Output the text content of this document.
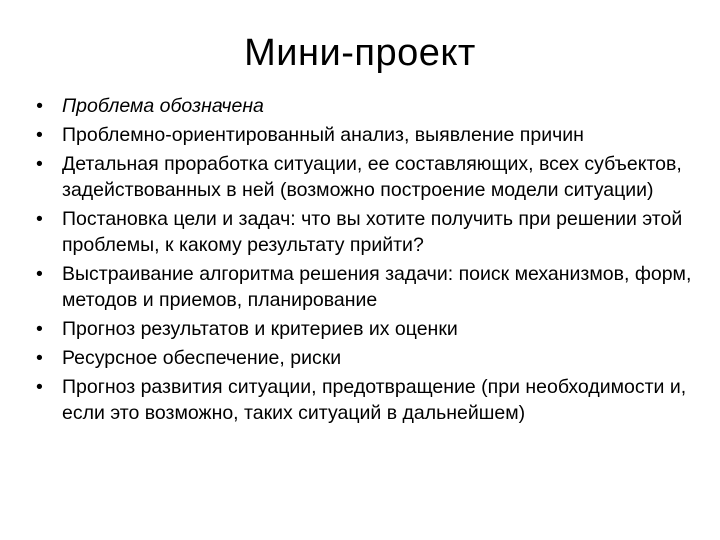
Мини-проект
• Проблема обозначена
• Проблемно-ориентированный анализ, выявление причин
• Детальная проработка ситуации, ее составляющих, всех субъектов, задействованных в ней (возможно построение модели ситуации)
• Постановка цели и задач: что вы хотите получить при решении этой проблемы, к какому результату прийти?
• Выстраивание алгоритма решения задачи: поиск механизмов, форм, методов и приемов, планирование
• Прогноз результатов и критериев их оценки
• Ресурсное обеспечение, риски
• Прогноз развития ситуации, предотвращение (при необходимости и, если это возможно, таких ситуаций в дальнейшем)
